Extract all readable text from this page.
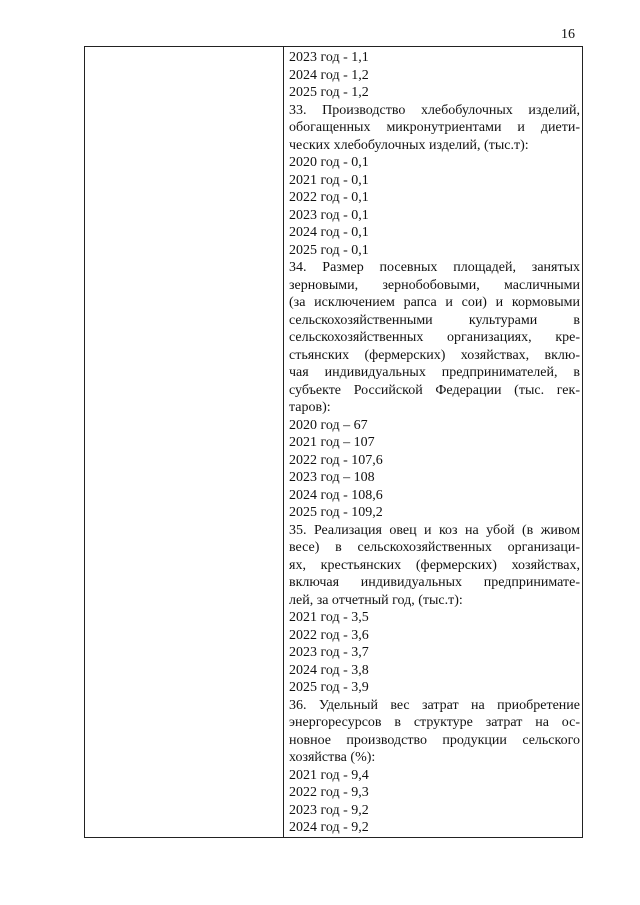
16

2023 год - 1,1
2024 год - 1,2
2025 год - 1,2
33. Производство хлебобулочных изделий,
обогащенных микронутриентами и диети-
ческих хлебобулочных изделий, (тыс.т):
2020 год - 0,1
2021 год - 0,1
2022 год - 0,1
2023 год - 0,1
2024 год - 0,1
2025 год - 0,1
34. Размер посевных площадей, занятых
зерновыми, зернобобовыми, масличными
(за исключением рапса и сои) и кормовыми
сельскохозяйственными культурами в
сельскохозяйственных организациях, кре-
стьянских (фермерских) хозяйствах, вклю-
чая индивидуальных предпринимателей, в
субъекте Российской Федерации (тыс. гек-
таров):
2020 год – 67
2021 год – 107
2022 год - 107,6
2023 год – 108
2024 год - 108,6
2025 год - 109,2
35. Реализация овец и коз на убой (в живом
весе) в сельскохозяйственных организаци-
ях, крестьянских (фермерских) хозяйствах,
включая индивидуальных предпринимате-
лей, за отчетный год, (тыс.т):
2021 год - 3,5
2022 год - 3,6
2023 год - 3,7
2024 год - 3,8
2025 год - 3,9
36. Удельный вес затрат на приобретение
энергоресурсов в структуре затрат на ос-
новное производство продукции сельского
хозяйства (%):
2021 год - 9,4
2022 год - 9,3
2023 год - 9,2
2024 год - 9,2
